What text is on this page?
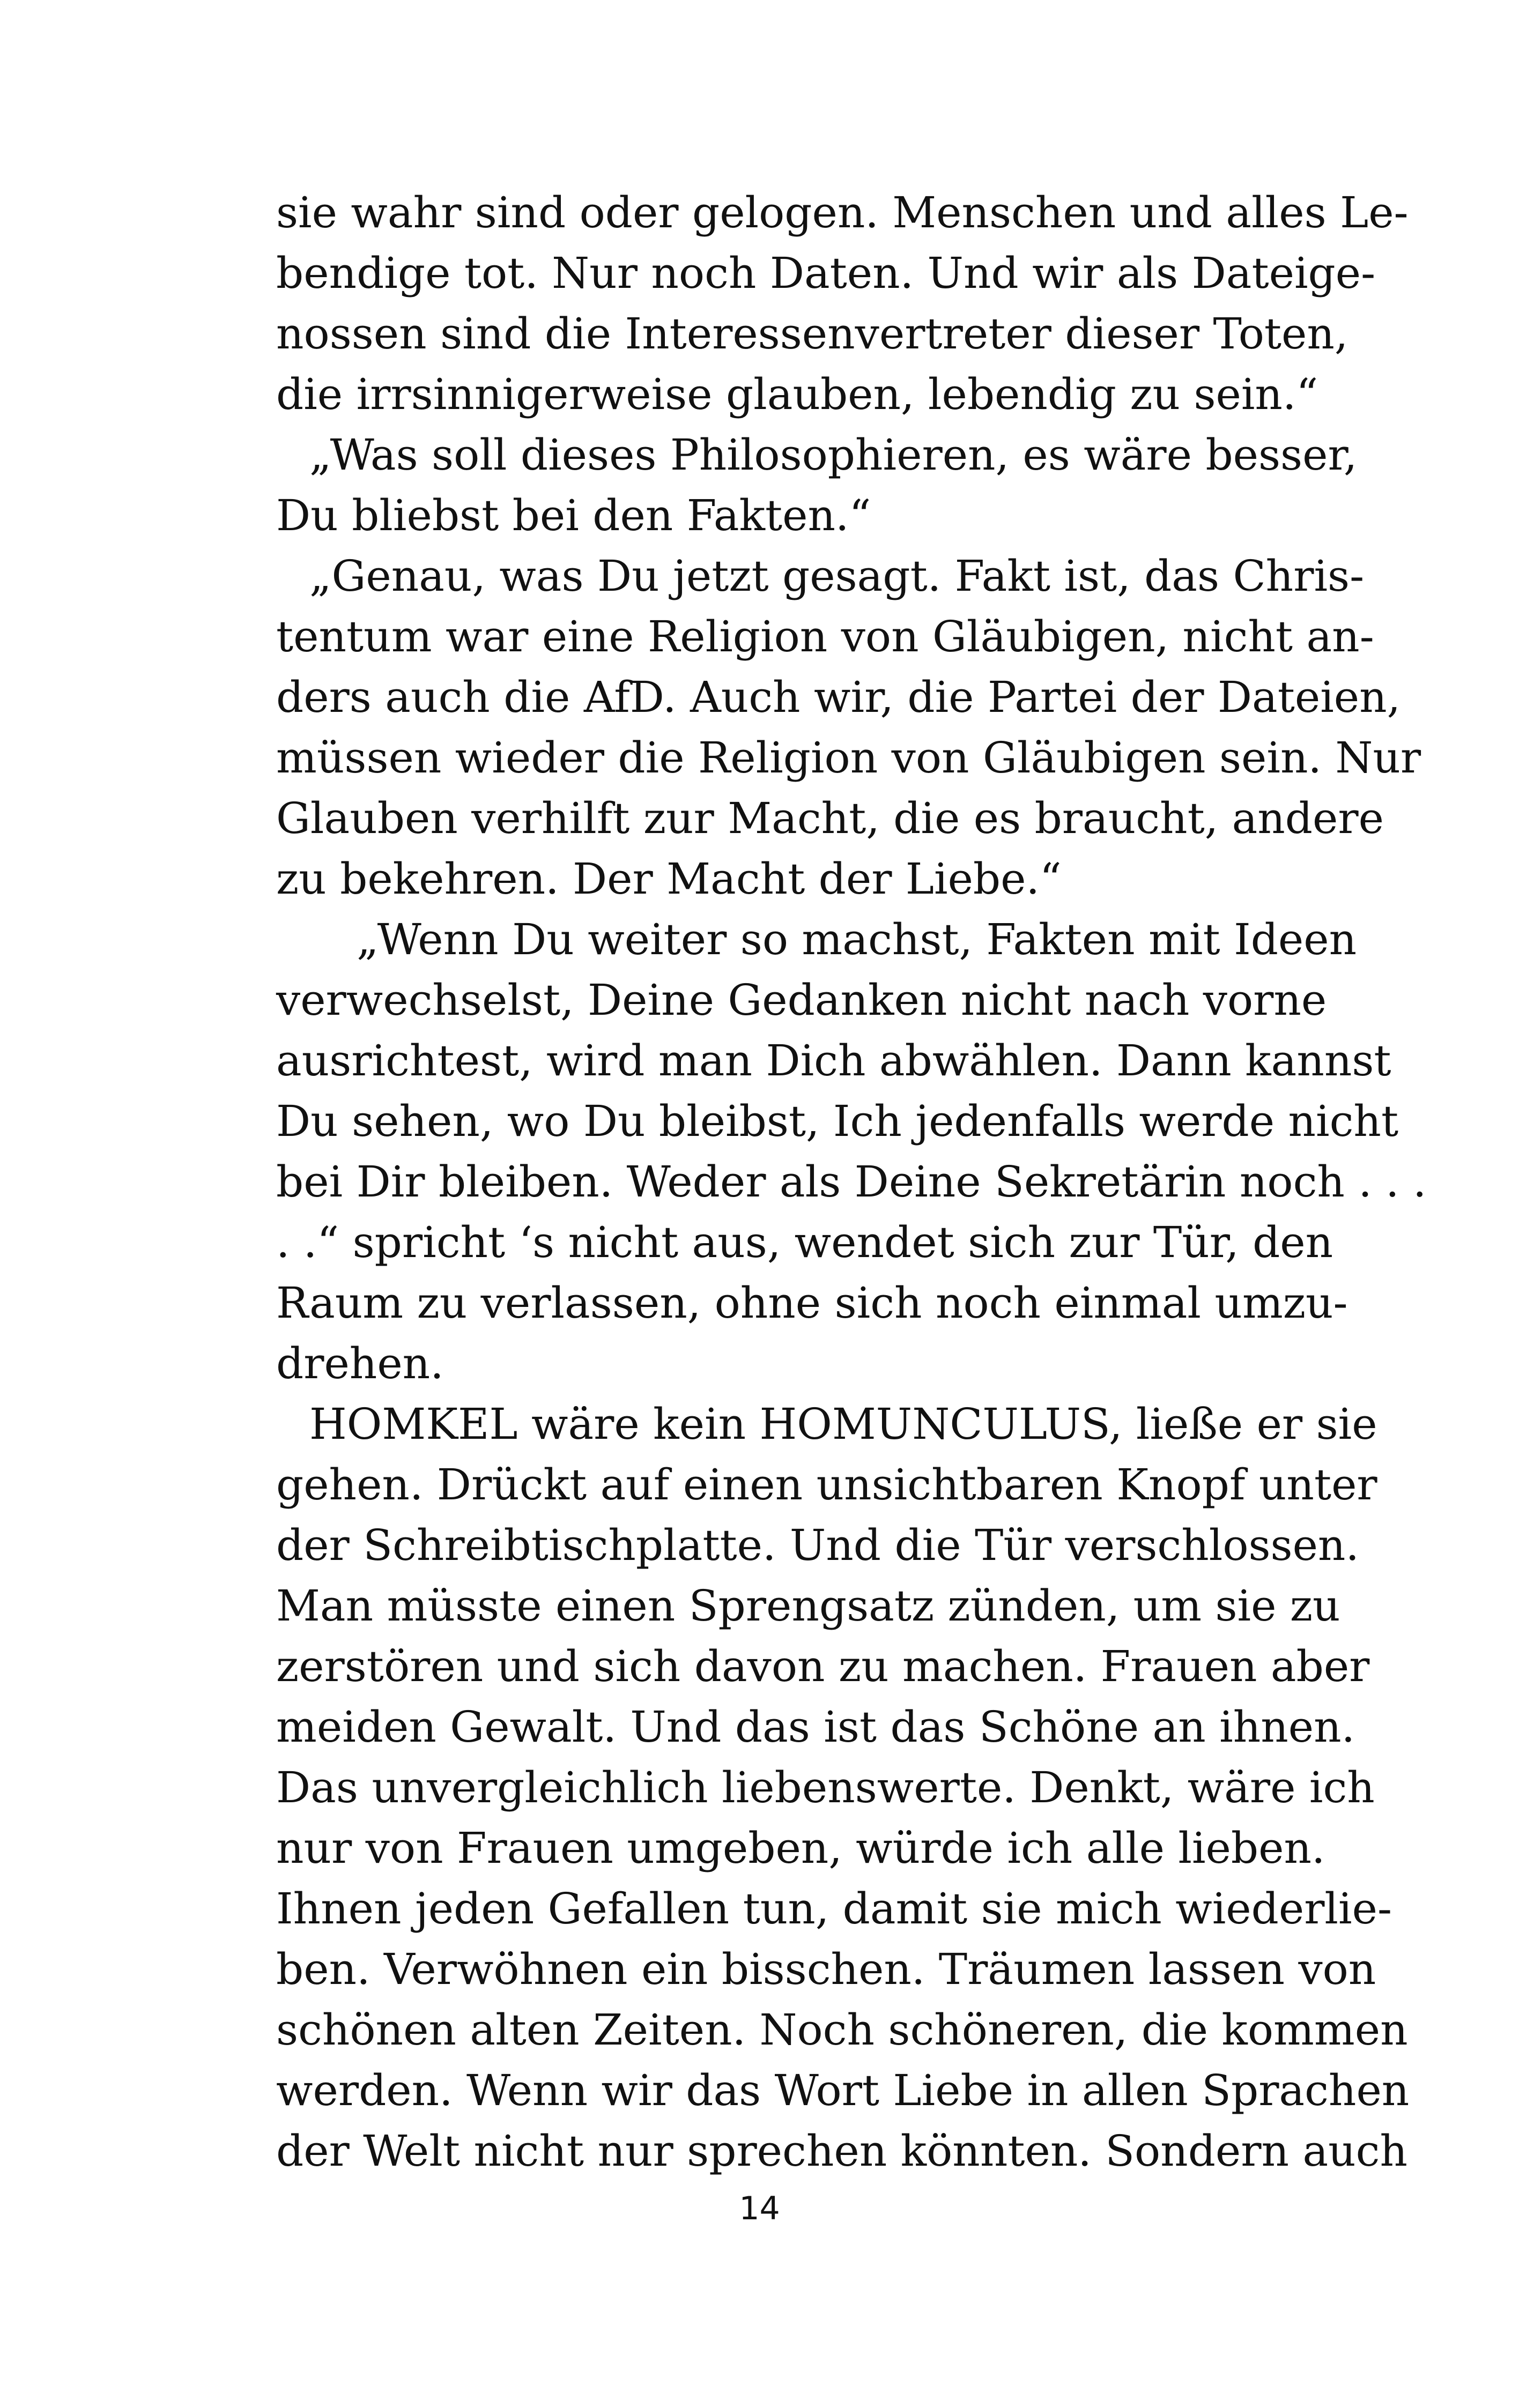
sie wahr sind oder gelogen. Menschen und alles Le-
bendige tot. Nur noch Daten. Und wir als Dateige-
nossen sind die Interessenvertreter dieser Toten,
die irrsinnigerweise glauben, lebendig zu sein.“
„Was soll dieses Philosophieren, es wäre besser,
Du bliebst bei den Fakten.“
„Genau, was Du jetzt gesagt. Fakt ist, das Chris-
tentum war eine Religion von Gläubigen, nicht an-
ders auch die AfD. Auch wir, die Partei der Dateien,
müssen wieder die Religion von Gläubigen sein. Nur
Glauben verhilft zur Macht, die es braucht, andere
zu bekehren. Der Macht der Liebe.“
„Wenn Du weiter so machst, Fakten mit Ideen
verwechselst, Deine Gedanken nicht nach vorne
ausrichtest, wird man Dich abwählen. Dann kannst
Du sehen, wo Du bleibst, Ich jedenfalls werde nicht
bei Dir bleiben. Weder als Deine Sekretärin noch . . .
. .“ spricht ‘s nicht aus, wendet sich zur Tür, den
Raum zu verlassen, ohne sich noch einmal umzu-
drehen.
HOMKEL wäre kein HOMUNCULUS, ließe er sie
gehen. Drückt auf einen unsichtbaren Knopf unter
der Schreibtischplatte. Und die Tür verschlossen.
Man müsste einen Sprengsatz zünden, um sie zu
zerstören und sich davon zu machen. Frauen aber
meiden Gewalt. Und das ist das Schöne an ihnen.
Das unvergleichlich liebenswerte. Denkt, wäre ich
nur von Frauen umgeben, würde ich alle lieben.
Ihnen jeden Gefallen tun, damit sie mich wiederlie-
ben. Verwöhnen ein bisschen. Träumen lassen von
schönen alten Zeiten. Noch schöneren, die kommen
werden. Wenn wir das Wort Liebe in allen Sprachen
der Welt nicht nur sprechen könnten. Sondern auch
14
